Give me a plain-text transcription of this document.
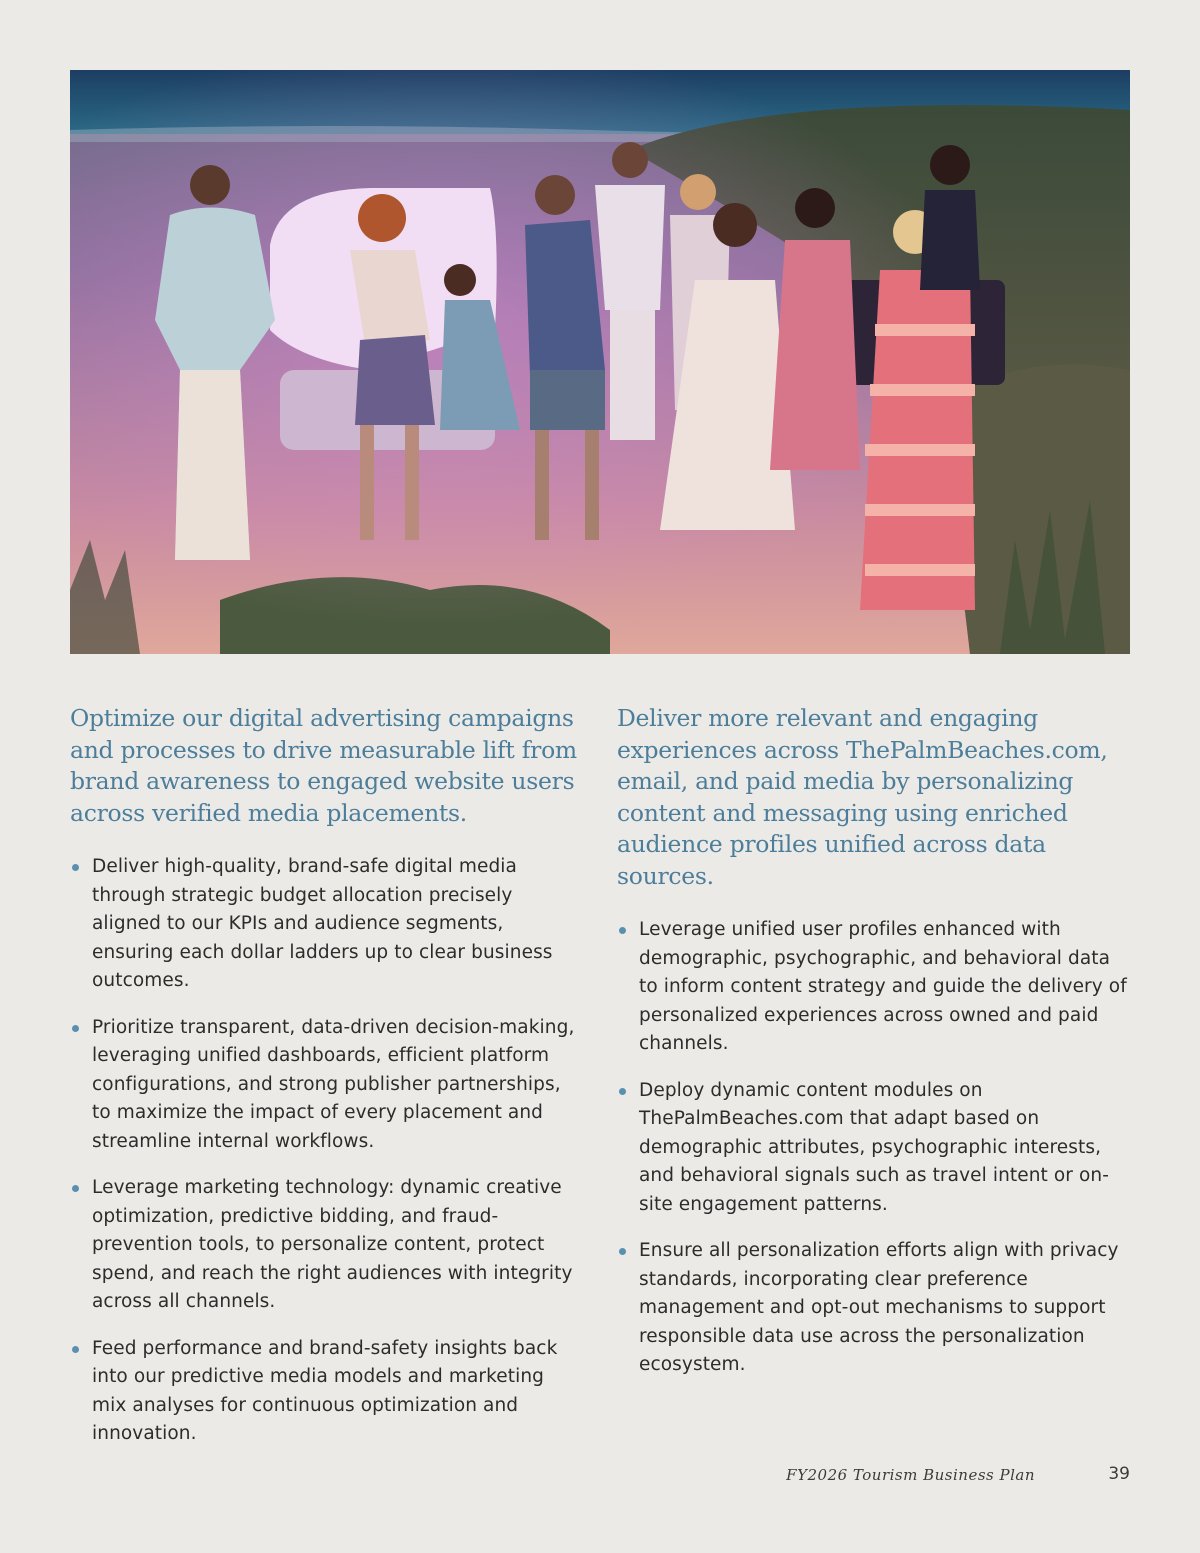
Optimize our digital advertising campaigns and processes to drive measurable lift from brand awareness to engaged website users across verified media placements.
Deliver high-quality, brand-safe digital media through strategic budget allocation precisely aligned to our KPIs and audience segments, ensuring each dollar ladders up to clear business outcomes.
Prioritize transparent, data-driven decision-making, leveraging unified dashboards, efficient platform configurations, and strong publisher partnerships, to maximize the impact of every placement and streamline internal workflows.
Leverage marketing technology: dynamic creative optimization, predictive bidding, and fraud-prevention tools, to personalize content, protect spend, and reach the right audiences with integrity across all channels.
Feed performance and brand-safety insights back into our predictive media models and marketing mix analyses for continuous optimization and innovation.
Deliver more relevant and engaging experiences across ThePalmBeaches.com, email, and paid media by personalizing content and messaging using enriched audience profiles unified across data sources.
Leverage unified user profiles enhanced with demographic, psychographic, and behavioral data to inform content strategy and guide the delivery of personalized experiences across owned and paid channels.
Deploy dynamic content modules on ThePalmBeaches.com that adapt based on demographic attributes, psychographic interests, and behavioral signals such as travel intent or on-site engagement patterns.
Ensure all personalization efforts align with privacy standards, incorporating clear preference management and opt-out mechanisms to support responsible data use across the personalization ecosystem.
FY2026 Tourism Business Plan	39
